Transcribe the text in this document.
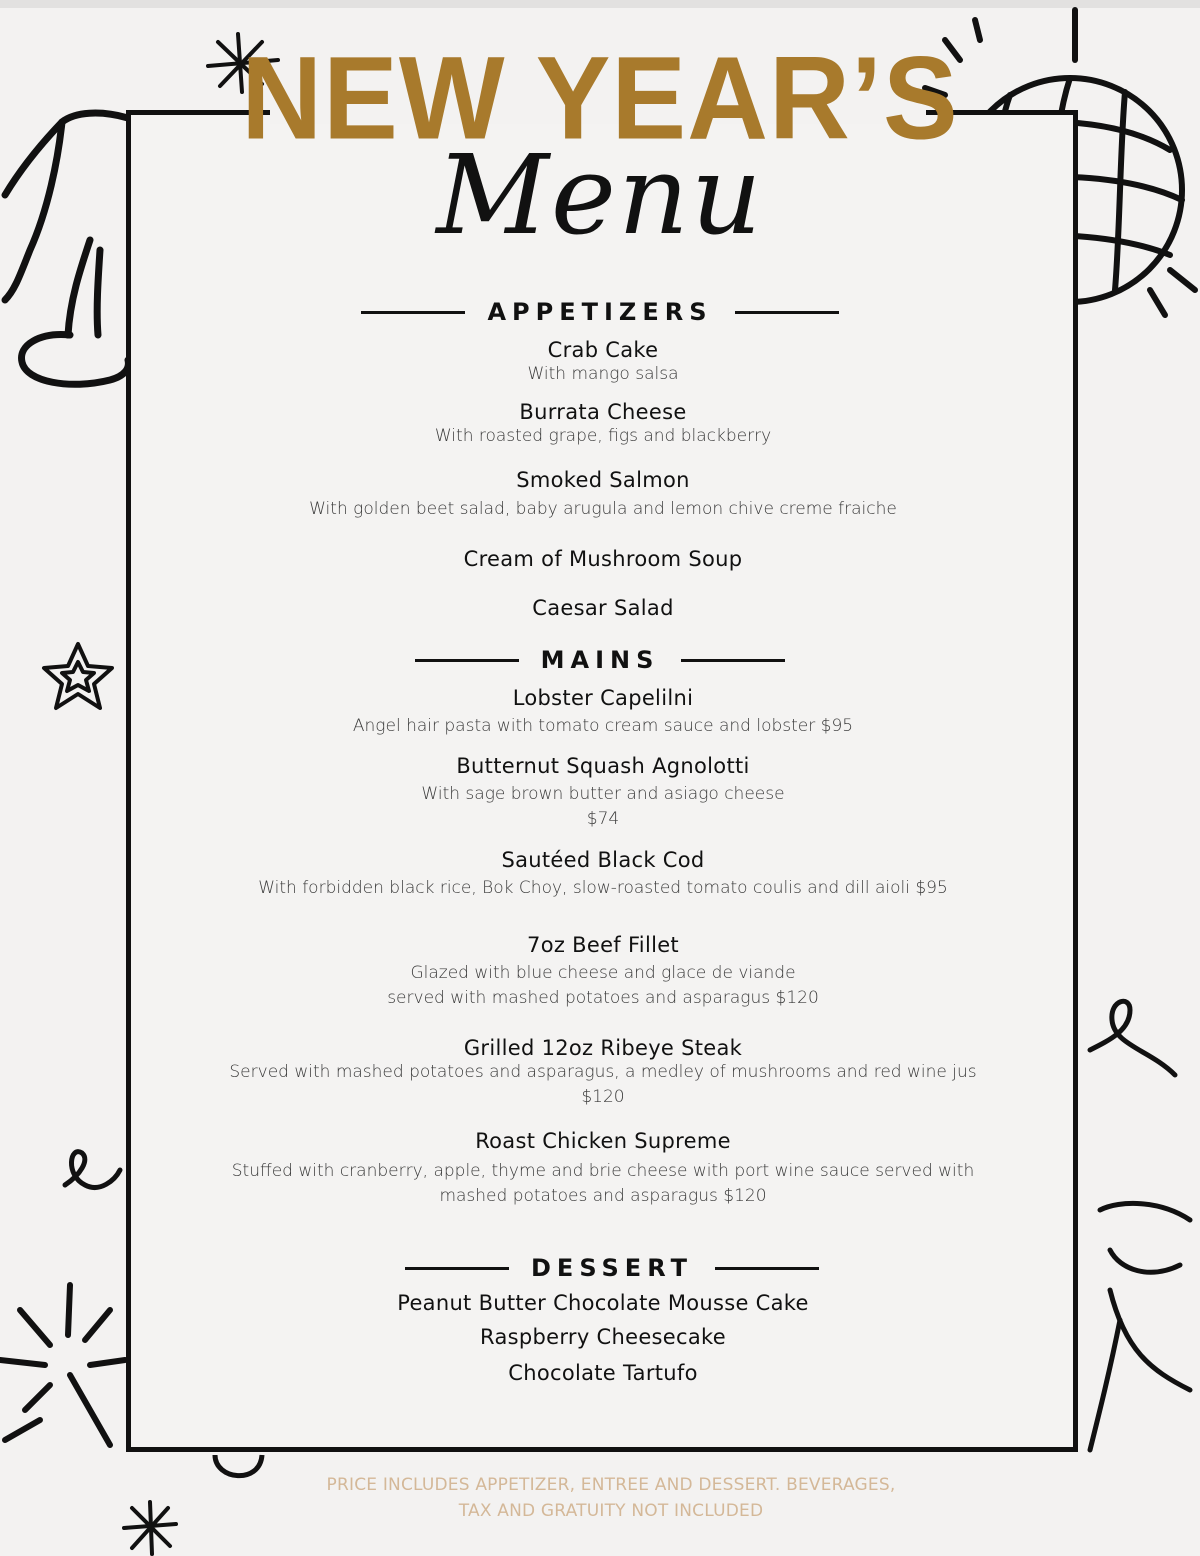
NEW YEAR’S
Menu
APPETIZERS
Crab Cake
With mango salsa
Burrata Cheese
With roasted grape, figs and blackberry
Smoked Salmon
With golden beet salad, baby arugula and lemon chive creme fraiche
Cream of Mushroom Soup
Caesar Salad
MAINS
Lobster Capelilni
Angel hair pasta with tomato cream sauce and lobster $95
Butternut Squash Agnolotti
With sage brown butter and asiago cheese
$74
Sautéed Black Cod
With forbidden black rice, Bok Choy, slow-roasted tomato coulis and dill aioli $95
7oz Beef Fillet
Glazed with blue cheese and glace de viande
served with mashed potatoes and asparagus $120
Grilled 12oz Ribeye Steak
Served with mashed potatoes and asparagus, a medley of mushrooms and red wine jus
$120
Roast Chicken Supreme
Stuffed with cranberry, apple, thyme and brie cheese with port wine sauce served with
mashed potatoes and asparagus $120
DESSERT
Peanut Butter Chocolate Mousse Cake
Raspberry Cheesecake
Chocolate Tartufo
PRICE INCLUDES APPETIZER, ENTREE AND DESSERT. BEVERAGES,
TAX AND GRATUITY NOT INCLUDED
